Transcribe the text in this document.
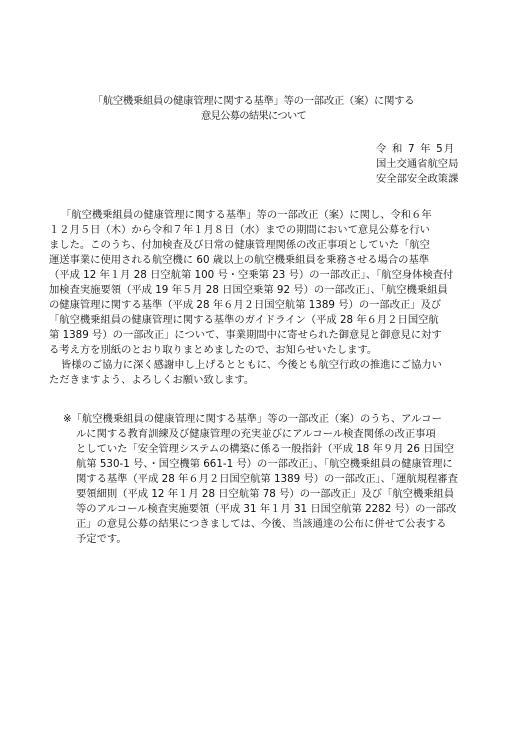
「航空機乗組員の健康管理に関する基準」等の一部改正（案）に関する
意見公募の結果について
令 和 7 年 5月
国土交通省航空局
安全部安全政策課
「航空機乗組員の健康管理に関する基準」等の一部改正（案）に関し、令和６年
１２月５日（木）から令和７年１月８日（水）までの期間において意見公募を行い
ました。このうち、付加検査及び日常の健康管理関係の改正事項としていた「航空
運送事業に使用される航空機に 60 歳以上の航空機乗組員を乗務させる場合の基準
（平成 12 年１月 28 日空航第 100 号・空乗第 23 号）の一部改正」、「航空身体検査付
加検査実施要領（平成 19 年５月 28 日国空乗第 92 号）の一部改正」、「航空機乗組員
の健康管理に関する基準（平成 28 年６月２日国空航第 1389 号）の一部改正」及び
「航空機乗組員の健康管理に関する基準のガイドライン（平成 28 年６月２日国空航
第 1389 号）の一部改正」について、事業期間中に寄せられた御意見と御意見に対す
る考え方を別紙のとおり取りまとめましたので、お知らせいたします。
皆様のご協力に深く感謝申し上げるとともに、今後とも航空行政の推進にご協力い
ただきますよう、よろしくお願い致します。
※「航空機乗組員の健康管理に関する基準」等の一部改正（案）のうち、アルコー
ルに関する教育訓練及び健康管理の充実並びにアルコール検査関係の改正事項
としていた「安全管理システムの構築に係る一般指針（平成 18 年９月 26 日国空
航第 530-1 号、・国空機第 661-1 号）の一部改正」、「航空機乗組員の健康管理に
関する基準（平成 28 年６月２日国空航第 1389 号）の一部改正」、「運航規程審査
要領細則（平成 12 年１月 28 日空航第 78 号）の一部改正」及び「航空機乗組員
等のアルコール検査実施要領（平成 31 年１月 31 日国空航第 2282 号）の一部改
正」の意見公募の結果につきましては、今後、当該通達の公布に併せて公表する
予定です。
